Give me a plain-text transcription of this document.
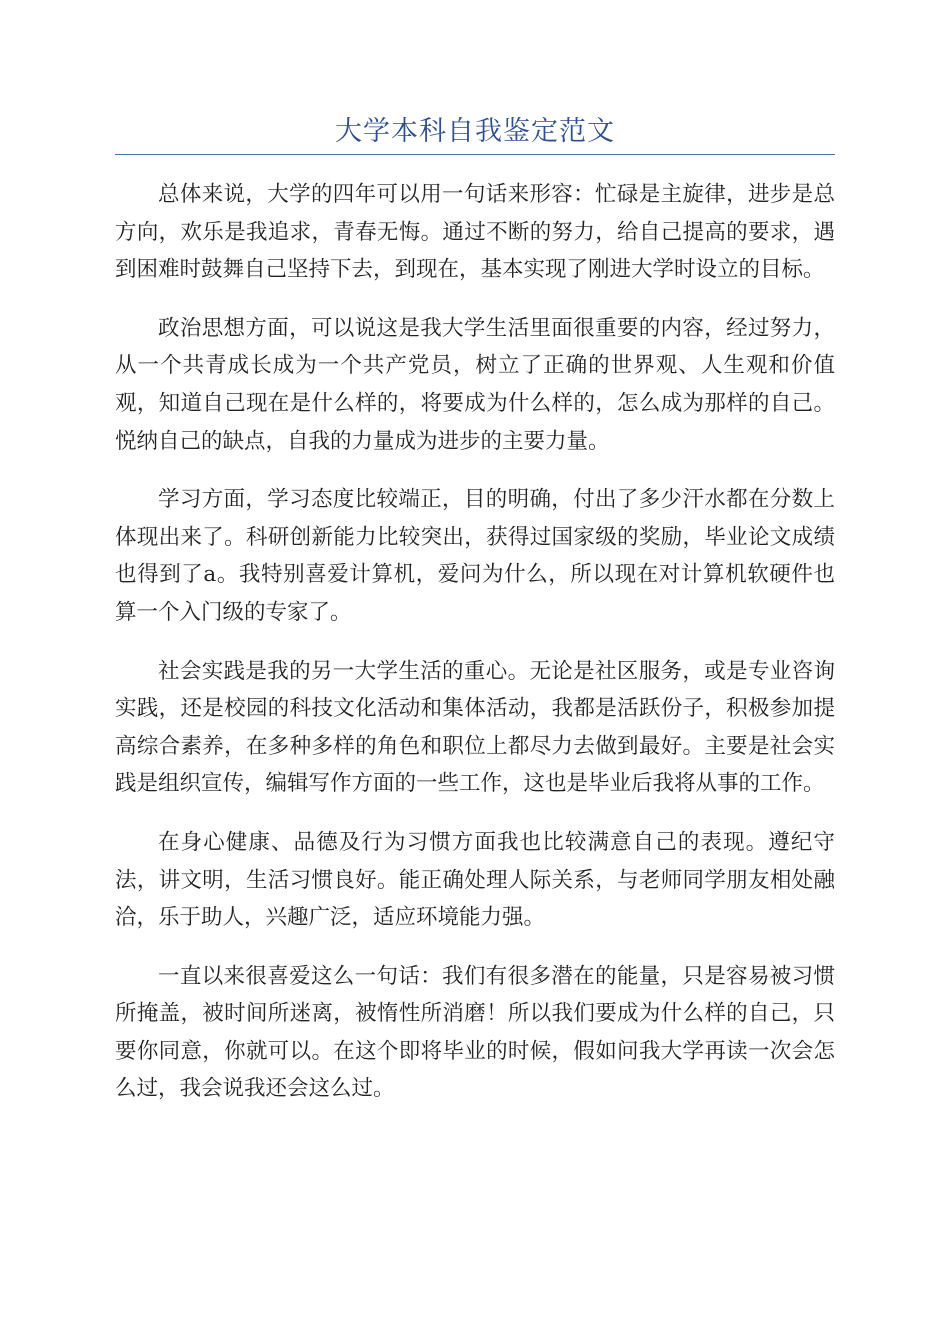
大学本科自我鉴定范文

总体来说，大学的四年可以用一句话来形容：忙碌是主旋律，进步是总方向，欢乐是我追求，青春无悔。通过不断的努力，给自己提高的要求，遇到困难时鼓舞自己坚持下去，到现在，基本实现了刚进大学时设立的目标。

政治思想方面，可以说这是我大学生活里面很重要的内容，经过努力，从一个共青成长成为一个共产党员，树立了正确的世界观、人生观和价值观，知道自己现在是什么样的，将要成为什么样的，怎么成为那样的自己。悦纳自己的缺点，自我的力量成为进步的主要力量。

学习方面，学习态度比较端正，目的明确，付出了多少汗水都在分数上体现出来了。科研创新能力比较突出，获得过国家级的奖励，毕业论文成绩也得到了a。我特别喜爱计算机，爱问为什么，所以现在对计算机软硬件也算一个入门级的专家了。

社会实践是我的另一大学生活的重心。无论是社区服务，或是专业咨询实践，还是校园的科技文化活动和集体活动，我都是活跃份子，积极参加提高综合素养，在多种多样的角色和职位上都尽力去做到最好。主要是社会实践是组织宣传，编辑写作方面的一些工作，这也是毕业后我将从事的工作。

在身心健康、品德及行为习惯方面我也比较满意自己的表现。遵纪守法，讲文明，生活习惯良好。能正确处理人际关系，与老师同学朋友相处融洽，乐于助人，兴趣广泛，适应环境能力强。

一直以来很喜爱这么一句话：我们有很多潜在的能量，只是容易被习惯所掩盖，被时间所迷离，被惰性所消磨！所以我们要成为什么样的自己，只要你同意，你就可以。在这个即将毕业的时候，假如问我大学再读一次会怎么过，我会说我还会这么过。
